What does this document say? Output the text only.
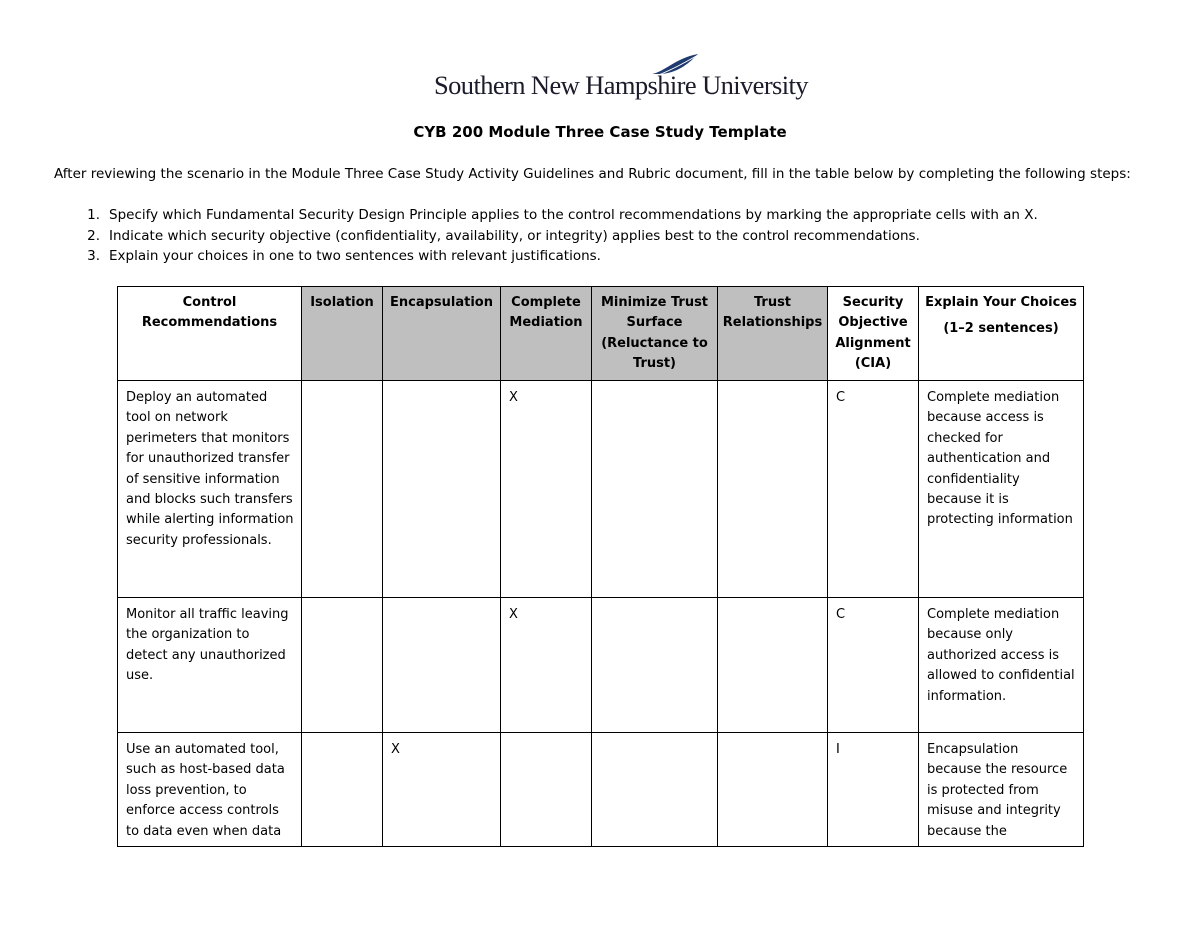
Southern New Hampshire University
CYB 200 Module Three Case Study Template
After reviewing the scenario in the Module Three Case Study Activity Guidelines and Rubric document, fill in the table below by completing the following steps:
1. Specify which Fundamental Security Design Principle applies to the control recommendations by marking the appropriate cells with an X.
2. Indicate which security objective (confidentiality, availability, or integrity) applies best to the control recommendations.
3. Explain your choices in one to two sentences with relevant justifications.
Control Recommendations	Isolation	Encapsulation	Complete Mediation	Minimize Trust Surface (Reluctance to Trust)	Trust Relationships	Security Objective Alignment (CIA)	Explain Your Choices
(1–2 sentences)

Deploy an automated tool on network perimeters that monitors for unauthorized transfer of sensitive information and blocks such transfers while alerting information security professionals.			X			C	Complete mediation because access is checked for authentication and confidentiality because it is protecting information
Monitor all traffic leaving the organization to detect any unauthorized use.			X			C	Complete mediation because only authorized access is allowed to confidential information.
Use an automated tool, such as host-based data loss prevention, to enforce access controls to data even when data		X				I	Encapsulation because the resource is protected from misuse and integrity because the
